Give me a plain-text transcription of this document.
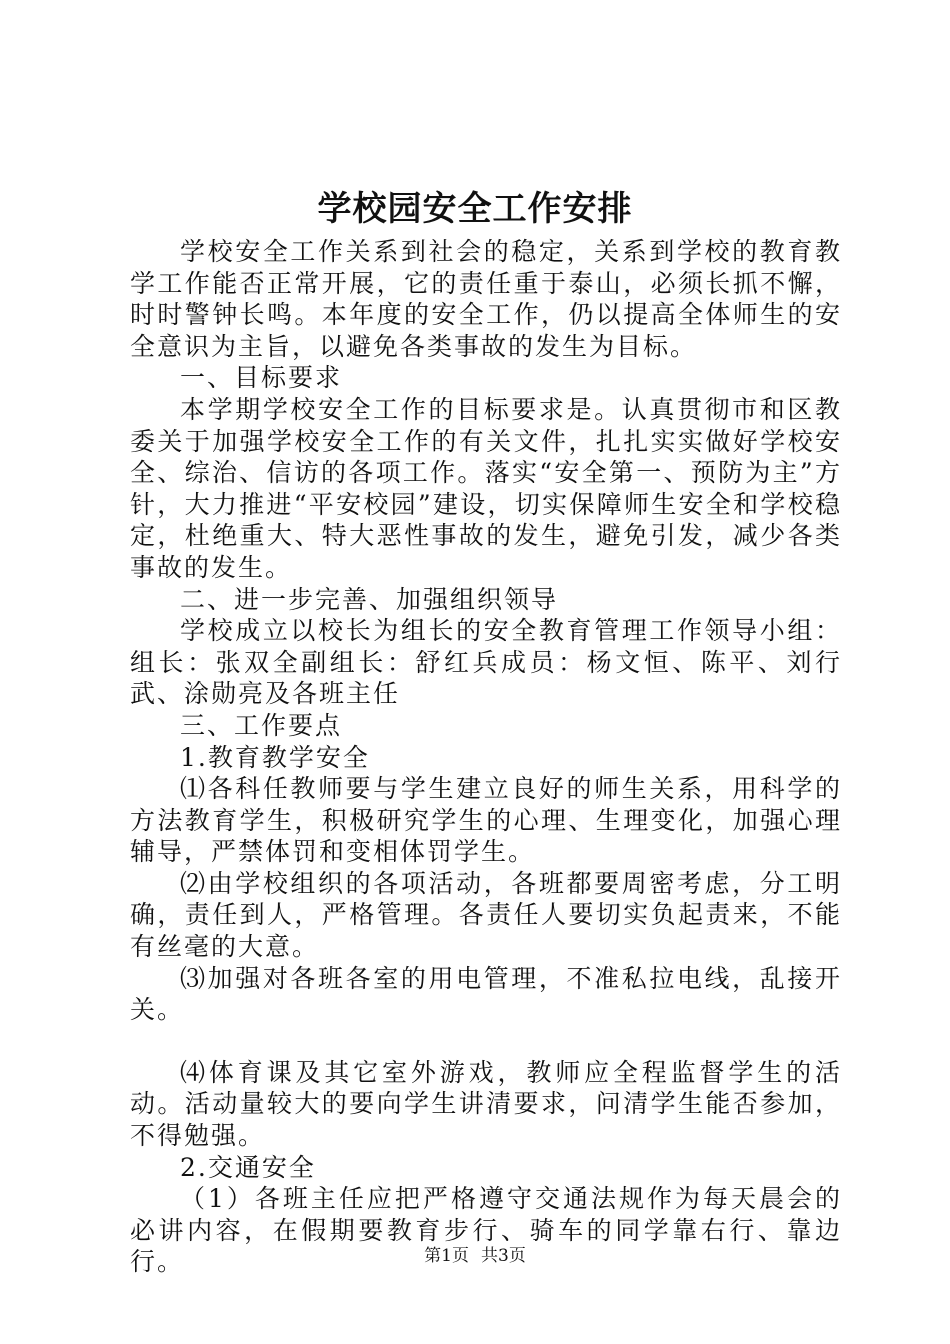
学校园安全工作安排

学校安全工作关系到社会的稳定，关系到学校的教育教学工作能否正常开展，它的责任重于泰山，必须长抓不懈，时时警钟长鸣。本年度的安全工作，仍以提高全体师生的安全意识为主旨，以避免各类事故的发生为目标。

一、目标要求

本学期学校安全工作的目标要求是。认真贯彻市和区教委关于加强学校安全工作的有关文件，扎扎实实做好学校安全、综治、信访的各项工作。落实“安全第一、预防为主”方针，大力推进“平安校园”建设，切实保障师生安全和学校稳定，杜绝重大、特大恶性事故的发生，避免引发，减少各类事故的发生。

二、进一步完善、加强组织领导

学校成立以校长为组长的安全教育管理工作领导小组：组长：张双全副组长：舒红兵成员：杨文恒、陈平、刘行武、涂勋亮及各班主任

三、工作要点

1.教育教学安全

⑴各科任教师要与学生建立良好的师生关系，用科学的方法教育学生，积极研究学生的心理、生理变化，加强心理辅导，严禁体罚和变相体罚学生。

⑵由学校组织的各项活动，各班都要周密考虑，分工明确，责任到人，严格管理。各责任人要切实负起责来，不能有丝毫的大意。

⑶加强对各班各室的用电管理，不准私拉电线，乱接开关。

⑷体育课及其它室外游戏，教师应全程监督学生的活动。活动量较大的要向学生讲清要求，问清学生能否参加，不得勉强。

2.交通安全

（1）各班主任应把严格遵守交通法规作为每天晨会的必讲内容，在假期要教育步行、骑车的同学靠右行、靠边行。	第1页 共3页
